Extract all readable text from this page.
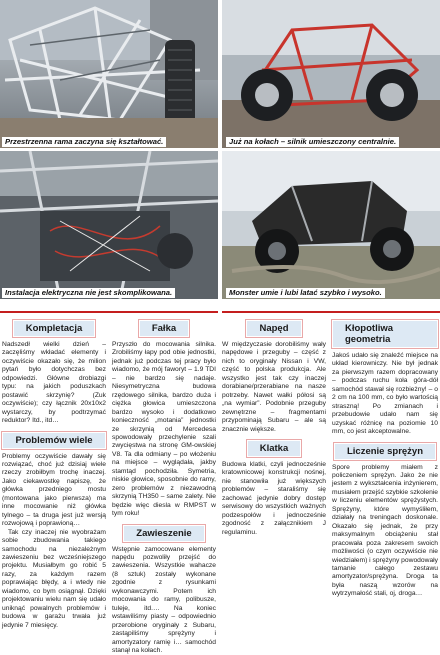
Przestrzenna rama zaczyna się kształtować.	Już na kołach – silnik umieszczony centralnie.
Instalacja elektryczna nie jest skomplikowana.	Monster umie i lubi latać szybko i wysoko.
Kompletacja

Nadszedł wielki dzień – zaczęliśmy wkładać elementy i oczywiście okazało się, że milion pytań było dotychczas bez odpowiedzi. Główne drobiazgi typu: na jakich poduszkach postawić skrzynię? (Zuk oczywiście); czy łącznik 20x10x2 wystarczy, by podtrzymać reduktor? Itd., itd…

Problemów wiele

Problemy oczywiście dawały się rozwiązać, choć już dzisiaj wiele rzeczy zrobiłbym trochę inaczej. Jako ciekawostkę napiszę, że główka przedniego mostu (montowana jako pierwsza) ma inne mocowanie niż główka tylnego – ta druga jest już wersją rozwojową i poprawioną…

Tak czy inaczej nie wyobrażam sobie zbudowania takiego samochodu na niezależnym zawieszeniu bez wcześniejszego projektu. Musiałbym go robić 5 razy, za każdym razem poprawiając błędy, a i wtedy nie wiadomo, co bym osiągnął. Dzięki projektowaniu wielu nam się udało uniknąć powalnych problemów i budowa w garażu trwała już jedynie 7 miesięcy.

Fałka

Przyszło do mocowania silnika. Zrobiliśmy łapy pod obie jednostki, jednak już podczas tej pracy było wiadomo, że mój faworyt – 1.9 TDI – nie bardzo się nadaje. Niesymetryczna budowa rzędowego silnika, bardzo duża i ciężka głowica umieszczona bardzo wysoko i dodatkowo konieczność „motania” jednostki ze skrzynią od Mercedesa spowodowały przechylenie szali zwycięstwa na stronę GM-owskiej V8. Ta dla odmiany – po włożeniu na miejsce – wyglądała, jakby stamtąd pochodziła. Symetria, niskie głowice, sposobnie do ramy, zero problemów z niezawodną skrzynią TH350 – same zalety. Nie będzie więc diesla w RMPST w tym roku!

Zawieszenie

Wstępnie zamocowane elementy napędu pozwoliły przejść do zawieszenia. Wszystkie wahacze (8 sztuk) zostały wykonane zgodnie z rysunkami wykonawczymi. Potem ich mocowania do ramy, polibusze, tuleje, itd.… Na koniec wstawiliśmy piasty – odpowiednio przerobione oryginały z Subaru, zastąpiliśmy sprężyny i amortyzatory ramię i… samochód stanął na kołach.

Napęd

W międzyczasie dorobiliśmy wały napędowe i przeguby – część z nich to oryginały Nissan i VW, część to polska produkcja. Ale wszystko jest tak czy inaczej dorabiane/przerabiane na nasze potrzeby. Nawet wałki półosi są „na wymiar”. Podobnie przeguby zewnętrzne – fragmentami przypominają Subaru – ale są znacznie większe.

Klatka

Budowa klatki, czyli jednocześnie kratownicowej konstrukcji nośnej, nie stanowiła już większych problemów – staraliśmy się zachować jedynie dobry dostęp serwisowy do wszystkich ważnych podzespołów i jednocześnie zgodność z załącznikiem J regulaminu.

Kłopotliwa geometria

Jakoś udało się znaleźć miejsce na układ kierowniczy. Nie był jednak za pierwszym razem dopracowany – podczas ruchu koła góra-dół samochód stawał się rozbieżny! – o 2 cm na 100 mm, co było wartością straszną! Po zmianach i przebudowie udało nam się uzyskać różnicę na poziomie 10 mm, co jest akceptowalne.

Liczenie sprężyn

Spore problemy miałem z policzeniem sprężyn. Jako że nie jestem z wykształcenia inżynierem, musiałem przejść szybkie szkolenie w liczeniu elementów sprężystych. Sprężyny, które wymyśliłem, działały na treningach doskonale. Okazało się jednak, że przy maksymalnym obciążeniu stał pracowała poza zakresem swoich możliwości (o czym oczywiście nie wiedziałem) i sprężyny powodowały tamanie całego zestawu amortyzator/sprężyna. Droga ta była naszą wzorów na wytrzymałość stali, oj, droga…
